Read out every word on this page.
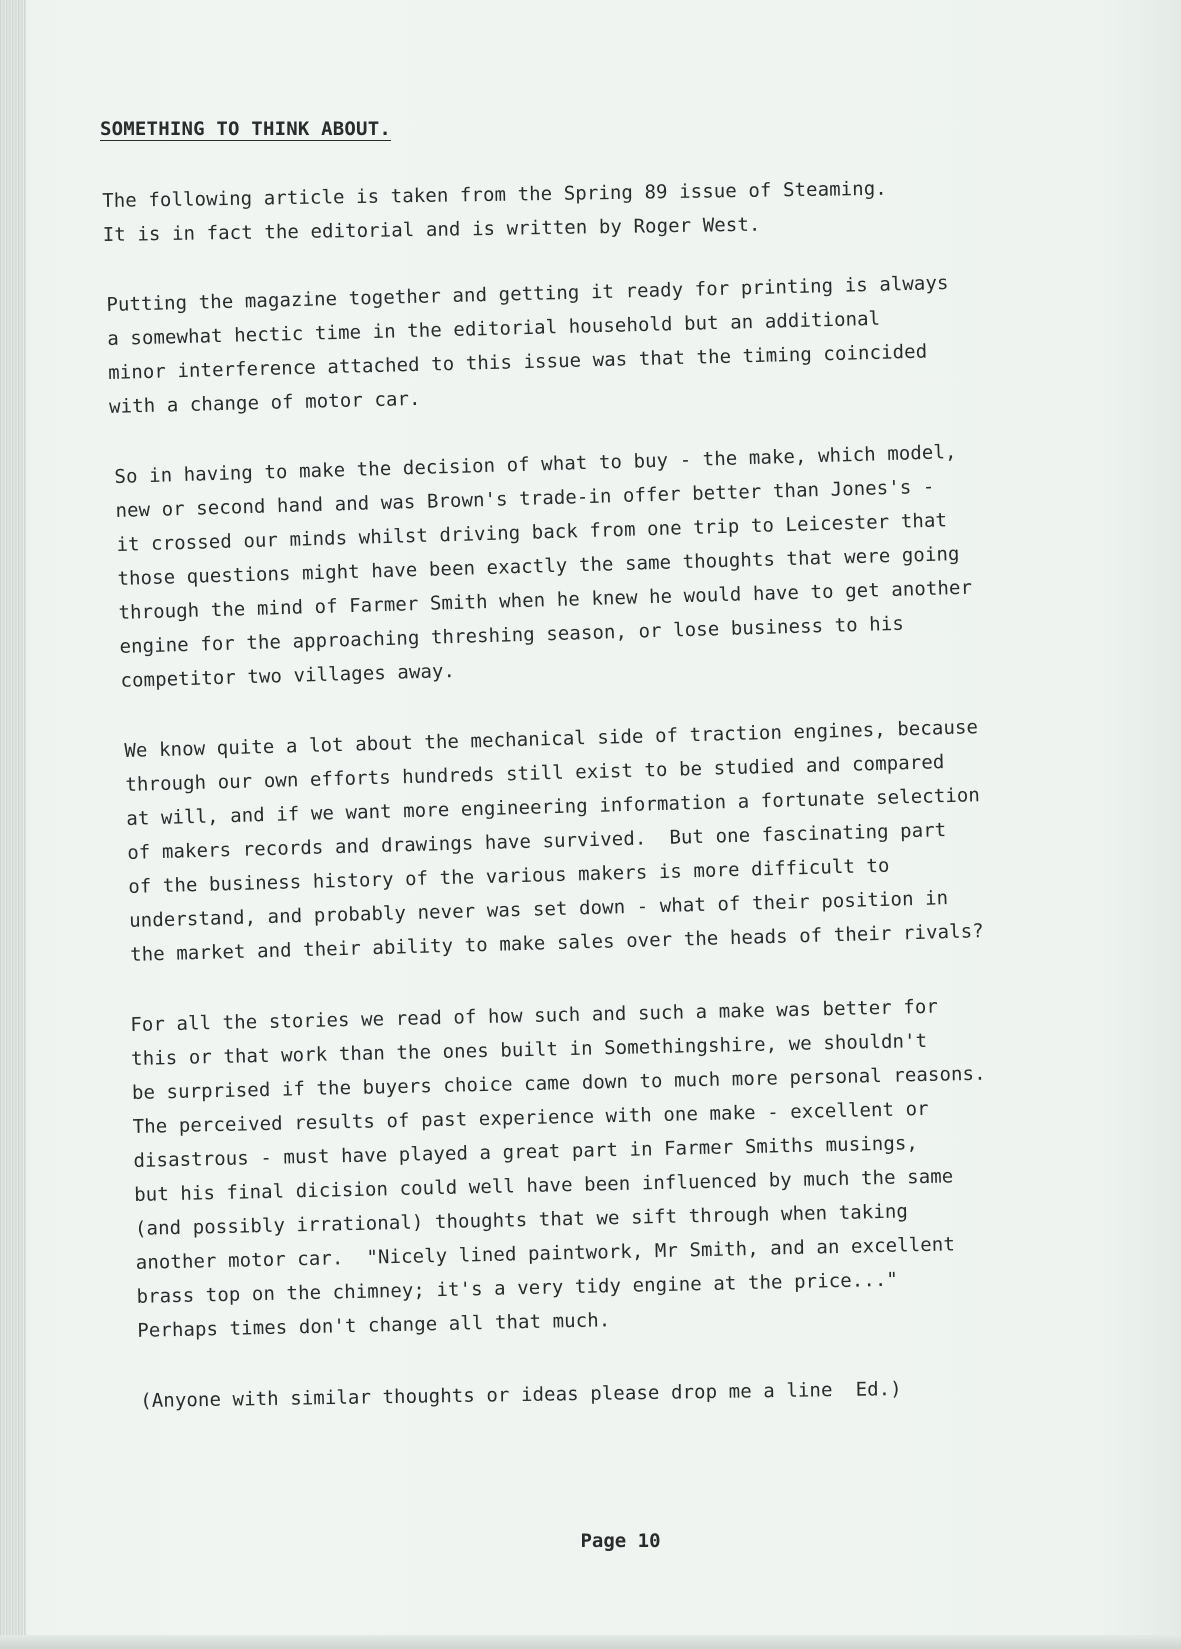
SOMETHING TO THINK ABOUT.
The following article is taken from the Spring 89 issue of Steaming.
It is in fact the editorial and is written by Roger West.
Putting the magazine together and getting it ready for printing is always
a somewhat hectic time in the editorial household but an additional
minor interference attached to this issue was that the timing coincided
with a change of motor car.
So in having to make the decision of what to buy - the make, which model,
new or second hand and was Brown's trade-in offer better than Jones's -
it crossed our minds whilst driving back from one trip to Leicester that
those questions might have been exactly the same thoughts that were going
through the mind of Farmer Smith when he knew he would have to get another
engine for the approaching threshing season, or lose business to his
competitor two villages away.
We know quite a lot about the mechanical side of traction engines, because
through our own efforts hundreds still exist to be studied and compared
at will, and if we want more engineering information a fortunate selection
of makers records and drawings have survived.  But one fascinating part
of the business history of the various makers is more difficult to
understand, and probably never was set down - what of their position in
the market and their ability to make sales over the heads of their rivals?
For all the stories we read of how such and such a make was better for
this or that work than the ones built in Somethingshire, we shouldn't
be surprised if the buyers choice came down to much more personal reasons.
The perceived results of past experience with one make - excellent or
disastrous - must have played a great part in Farmer Smiths musings,
but his final dicision could well have been influenced by much the same
(and possibly irrational) thoughts that we sift through when taking
another motor car.  "Nicely lined paintwork, Mr Smith, and an excellent
brass top on the chimney; it's a very tidy engine at the price..."
Perhaps times don't change all that much.
(Anyone with similar thoughts or ideas please drop me a line  Ed.)
Page 10
